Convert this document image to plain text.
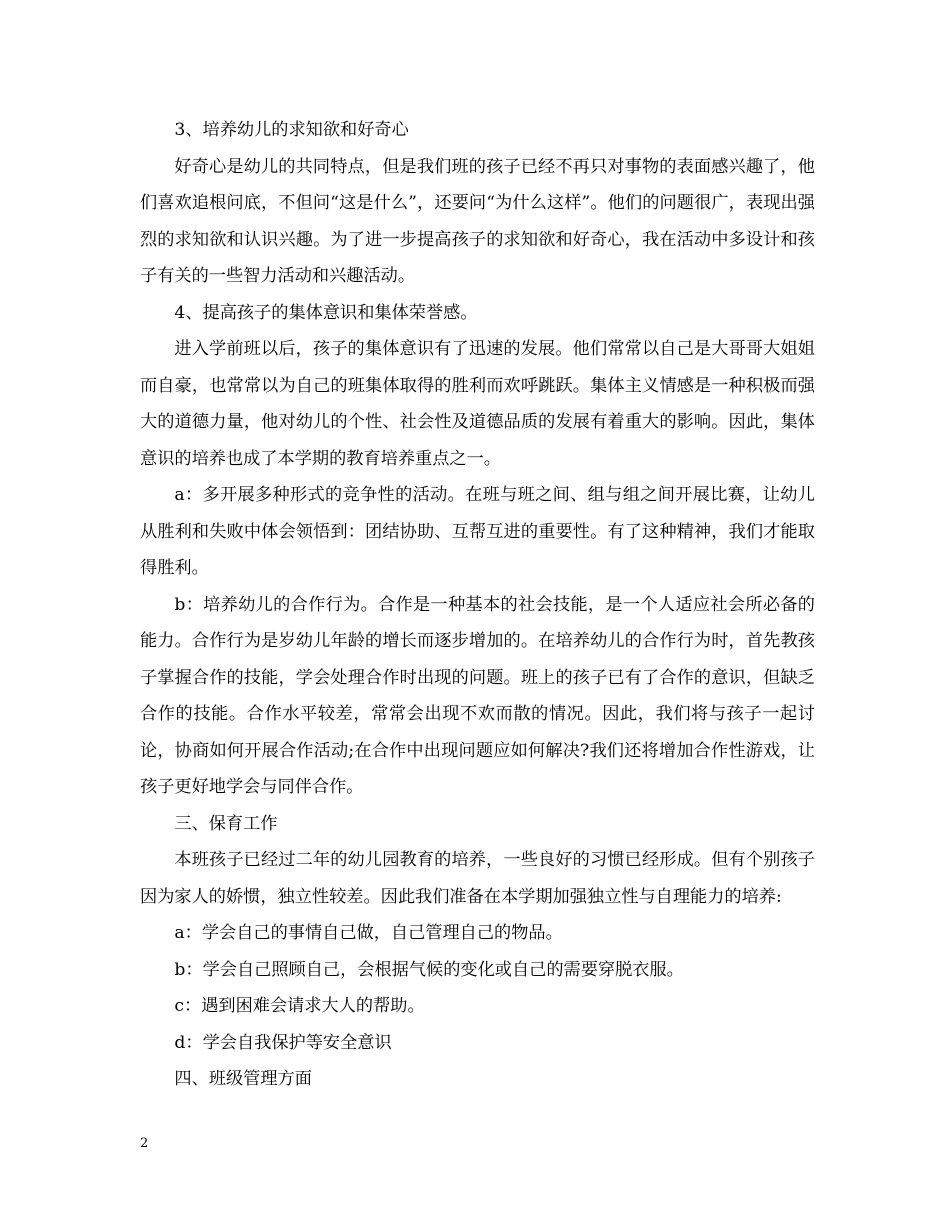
3、培养幼儿的求知欲和好奇心

好奇心是幼儿的共同特点，但是我们班的孩子已经不再只对事物的表面感兴趣了，他们喜欢追根问底，不但问“这是什么”，还要问“为什么这样”。他们的问题很广，表现出强烈的求知欲和认识兴趣。为了进一步提高孩子的求知欲和好奇心，我在活动中多设计和孩子有关的一些智力活动和兴趣活动。

4、提高孩子的集体意识和集体荣誉感。

进入学前班以后，孩子的集体意识有了迅速的发展。他们常常以自己是大哥哥大姐姐而自豪，也常常以为自己的班集体取得的胜利而欢呼跳跃。集体主义情感是一种积极而强大的道德力量，他对幼儿的个性、社会性及道德品质的发展有着重大的影响。因此，集体意识的培养也成了本学期的教育培养重点之一。

a：多开展多种形式的竞争性的活动。在班与班之间、组与组之间开展比赛，让幼儿从胜利和失败中体会领悟到：团结协助、互帮互进的重要性。有了这种精神，我们才能取得胜利。

b：培养幼儿的合作行为。合作是一种基本的社会技能，是一个人适应社会所必备的能力。合作行为是岁幼儿年龄的增长而逐步增加的。在培养幼儿的合作行为时，首先教孩子掌握合作的技能，学会处理合作时出现的问题。班上的孩子已有了合作的意识，但缺乏合作的技能。合作水平较差，常常会出现不欢而散的情况。因此，我们将与孩子一起讨论，协商如何开展合作活动;在合作中出现问题应如何解决?我们还将增加合作性游戏，让孩子更好地学会与同伴合作。

三、保育工作

本班孩子已经过二年的幼儿园教育的培养，一些良好的习惯已经形成。但有个别孩子因为家人的娇惯，独立性较差。因此我们准备在本学期加强独立性与自理能力的培养:

a：学会自己的事情自己做，自己管理自己的物品。

b：学会自己照顾自己，会根据气候的变化或自己的需要穿脱衣服。

c：遇到困难会请求大人的帮助。

d：学会自我保护等安全意识

四、班级管理方面

2
